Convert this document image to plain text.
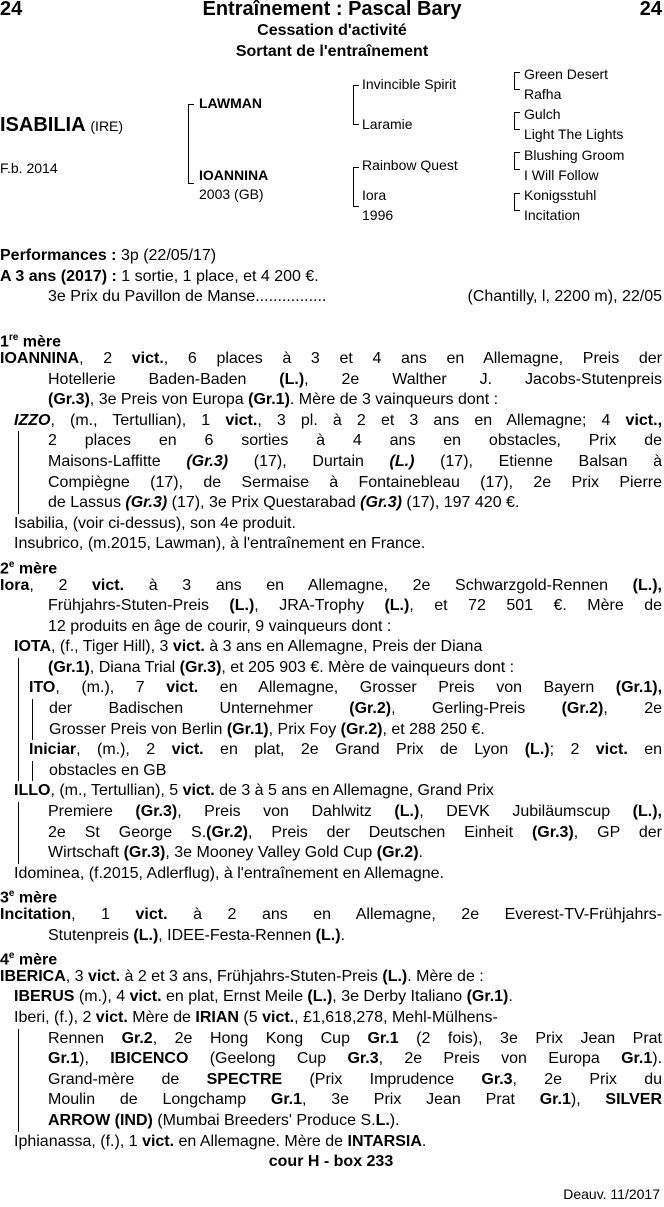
24	Entraînement : Pascal Bary	24
Cessation d'activité
Sortant de l'entraînement
ISABILIA (IRE)
F.b. 2014
LAWMAN
IOANNINA
2003 (GB)
Invincible Spirit
Laramie
Rainbow Quest
Iora
1996
Green Desert
Rafha
Gulch
Light The Lights
Blushing Groom
I Will Follow
Konigsstuhl
Incitation
Performances : 3p (22/05/17)
A 3 ans (2017) : 1 sortie, 1 place, et 4 200 €.
3e Prix du Pavillon de Manse ................	(Chantilly, l, 2200 m), 22/05
1re mère
IOANNINA, 2 vict., 6 places à 3 et 4 ans en Allemagne, Preis der
Hotellerie Baden-Baden (L.), 2e Walther J. Jacobs-Stutenpreis
(Gr.3), 3e Preis von Europa (Gr.1). Mère de 3 vainqueurs dont :
IZZO, (m., Tertullian), 1 vict., 3 pl. à 2 et 3 ans en Allemagne; 4 vict.,
2 places en 6 sorties à 4 ans en obstacles, Prix de
Maisons-Laffitte (Gr.3) (17), Durtain (L.) (17), Etienne Balsan à
Compiègne (17), de Sermaise à Fontainebleau (17), 2e Prix Pierre
de Lassus (Gr.3) (17), 3e Prix Questarabad (Gr.3) (17), 197 420 €.
Isabilia, (voir ci-dessus), son 4e produit.
Insubrico, (m.2015, Lawman), à l'entraînement en France.
2e mère
Iora, 2 vict. à 3 ans en Allemagne, 2e Schwarzgold-Rennen (L.),
Frühjahrs-Stuten-Preis (L.), JRA-Trophy (L.), et 72 501 €. Mère de
12 produits en âge de courir, 9 vainqueurs dont :
IOTA, (f., Tiger Hill), 3 vict. à 3 ans en Allemagne, Preis der Diana
(Gr.1), Diana Trial (Gr.3), et 205 903 €. Mère de vainqueurs dont :
ITO, (m.), 7 vict. en Allemagne, Grosser Preis von Bayern (Gr.1),
der Badischen Unternehmer (Gr.2), Gerling-Preis (Gr.2), 2e
Grosser Preis von Berlin (Gr.1), Prix Foy (Gr.2), et 288 250 €.
Iniciar, (m.), 2 vict. en plat, 2e Grand Prix de Lyon (L.); 2 vict. en
obstacles en GB
ILLO, (m., Tertullian), 5 vict. de 3 à 5 ans en Allemagne, Grand Prix
Premiere (Gr.3), Preis von Dahlwitz (L.), DEVK Jubiläumscup (L.),
2e St George S.(Gr.2), Preis der Deutschen Einheit (Gr.3), GP der
Wirtschaft (Gr.3), 3e Mooney Valley Gold Cup (Gr.2).
Idominea, (f.2015, Adlerflug), à l'entraînement en Allemagne.
3e mère
Incitation, 1 vict. à 2 ans en Allemagne, 2e Everest-TV-Frühjahrs-
Stutenpreis (L.), IDEE-Festa-Rennen (L.).
4e mère
IBERICA, 3 vict. à 2 et 3 ans, Frühjahrs-Stuten-Preis (L.). Mère de :
IBERUS (m.), 4 vict. en plat, Ernst Meile (L.), 3e Derby Italiano (Gr.1).
Iberi, (f.), 2 vict. Mère de IRIAN (5 vict., £1,618,278, Mehl-Mülhens-
Rennen Gr.2, 2e Hong Kong Cup Gr.1 (2 fois), 3e Prix Jean Prat
Gr.1), IBICENCO (Geelong Cup Gr.3, 2e Preis von Europa Gr.1).
Grand-mère de SPECTRE (Prix Imprudence Gr.3, 2e Prix du
Moulin de Longchamp Gr.1, 3e Prix Jean Prat Gr.1), SILVER
ARROW (IND) (Mumbai Breeders' Produce S.L.).
Iphianassa, (f.), 1 vict. en Allemagne. Mère de INTARSIA.
cour H - box 233
Deauv. 11/2017
